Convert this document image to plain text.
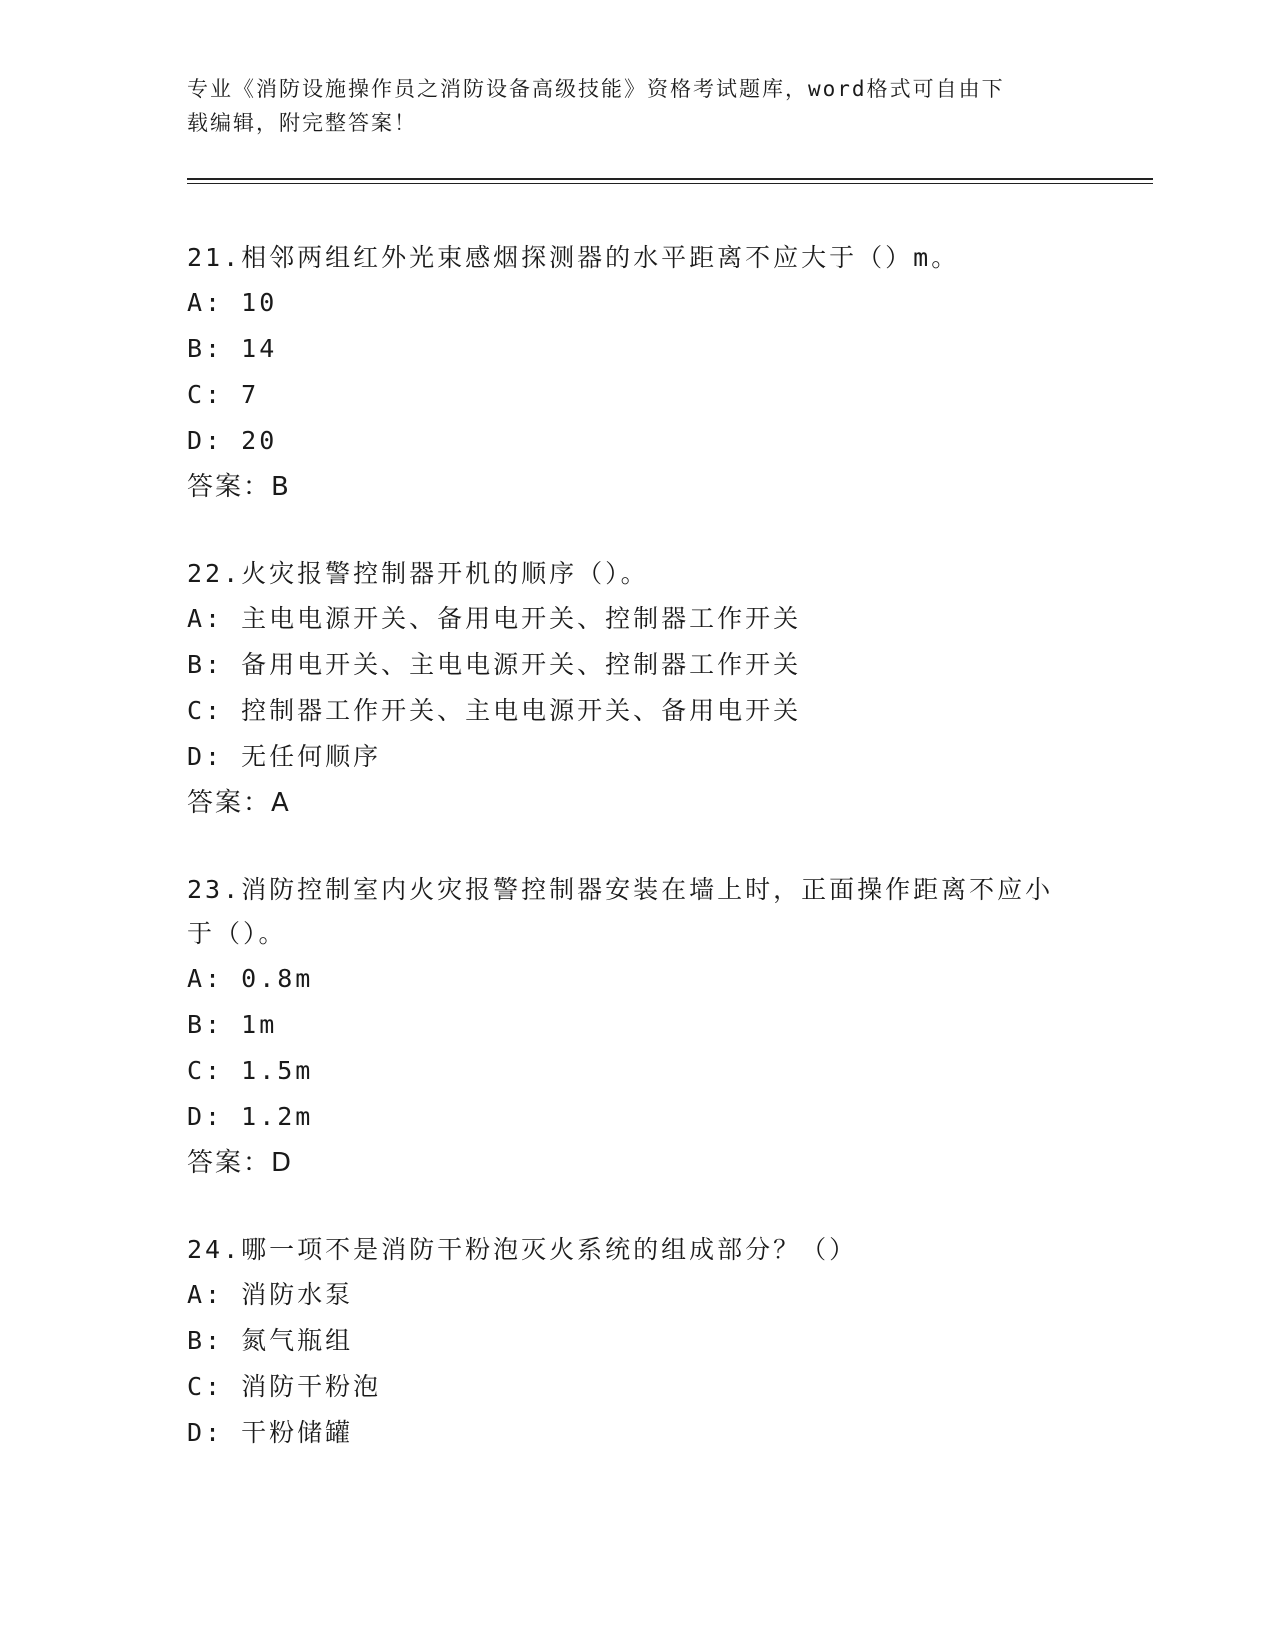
专业《消防设施操作员之消防设备高级技能》资格考试题库，word格式可自由下
载编辑，附完整答案！
21.相邻两组红外光束感烟探测器的水平距离不应大于（）m。
A: 10
B: 14
C: 7
D: 20
答案：B
22.火灾报警控制器开机的顺序（）。
A: 主电电源开关、备用电开关、控制器工作开关
B: 备用电开关、主电电源开关、控制器工作开关
C: 控制器工作开关、主电电源开关、备用电开关
D: 无任何顺序
答案：A
23.消防控制室内火灾报警控制器安装在墙上时，正面操作距离不应小
于（）。
A: 0.8m
B: 1m
C: 1.5m
D: 1.2m
答案：D
24.哪一项不是消防干粉泡灭火系统的组成部分？（）
A: 消防水泵
B: 氮气瓶组
C: 消防干粉泡
D: 干粉储罐
